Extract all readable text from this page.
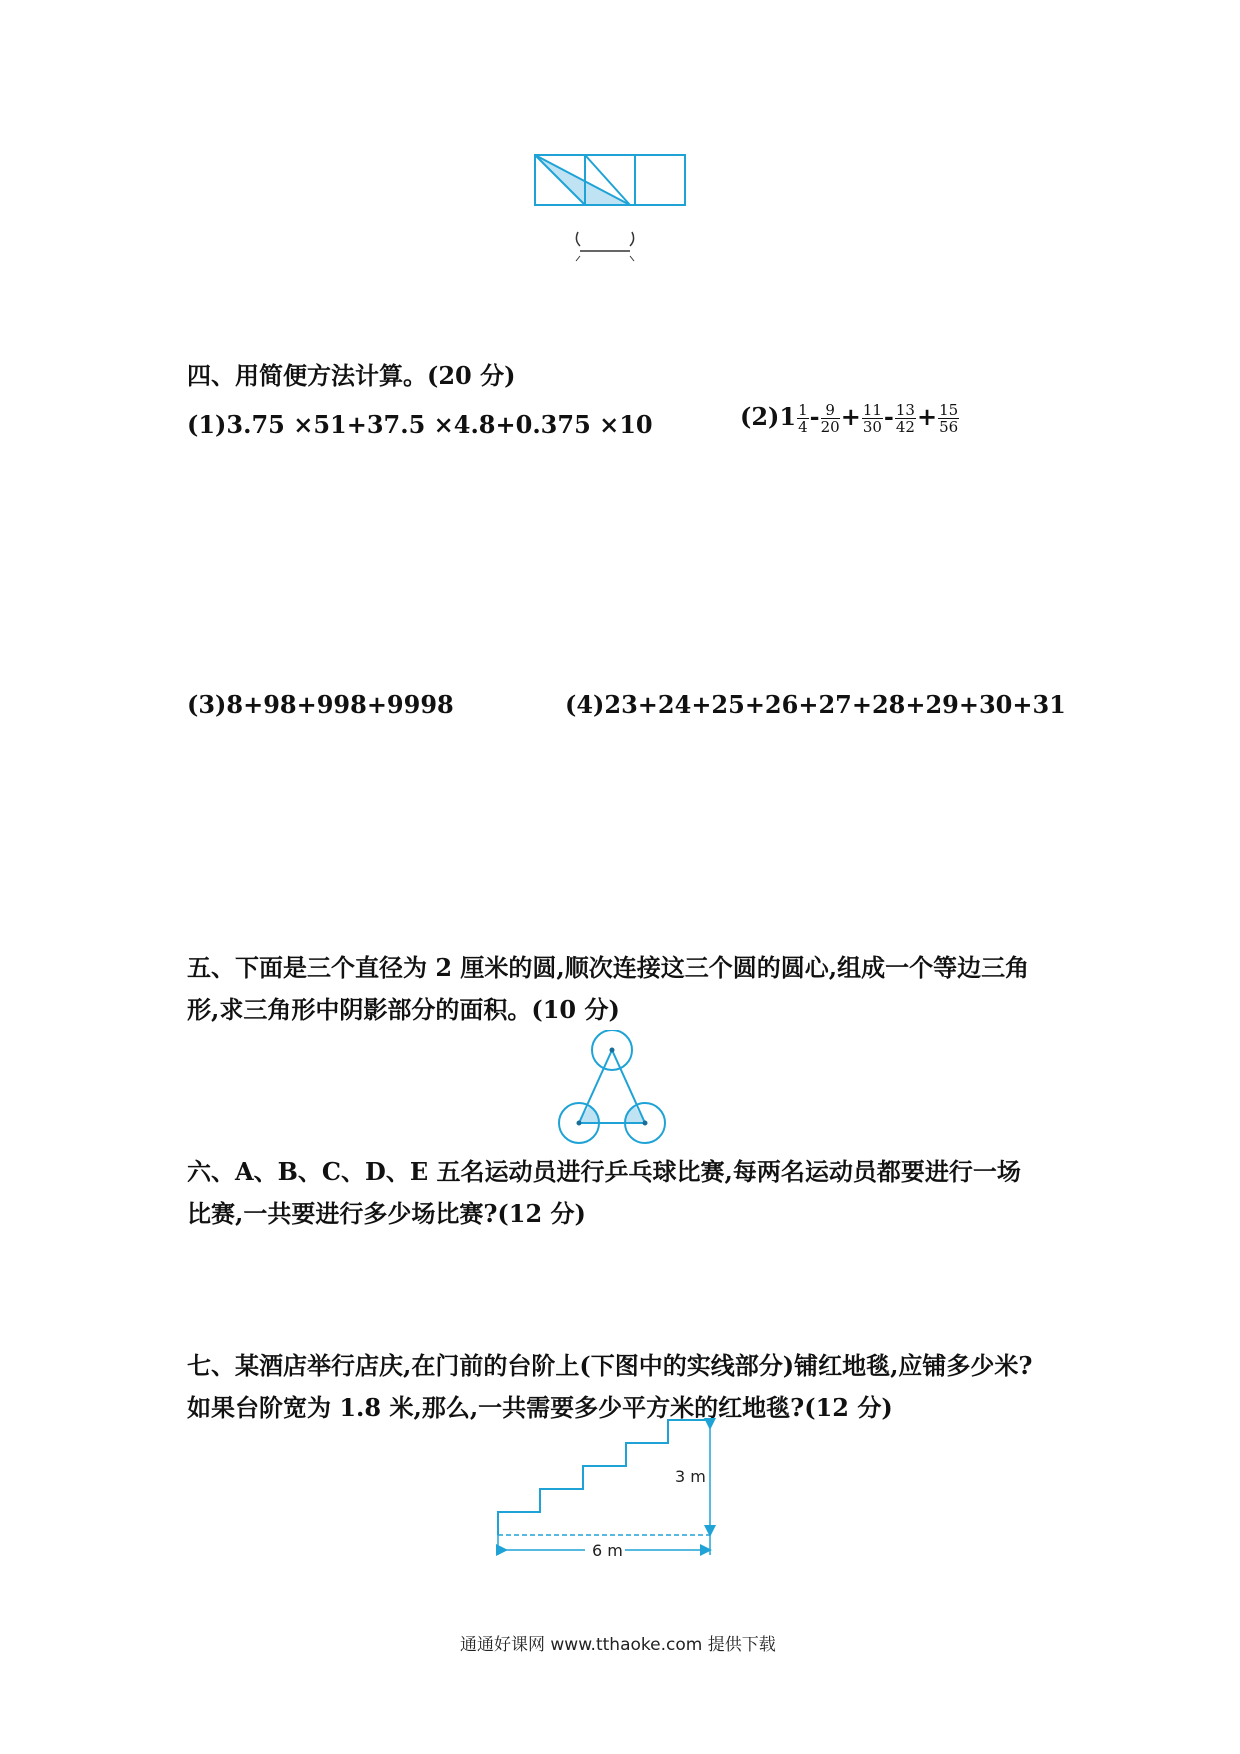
四、用简便方法计算。(20 分)
(1)3.75 ×51+37.5 ×4.8+0.375 ×10	$(2)1 \frac{1}{4} - \frac{9}{20} + \frac{11}{30} - \frac{13}{42} + \frac{15}{56}$
(3)8+98+998+9998	(4)23+24+25+26+27+28+29+30+31
五、下面是三个直径为 2 厘米的圆,顺次连接这三个圆的圆心,组成一个等边三角
形,求三角形中阴影部分的面积。(10 分)
六、A、B、C、D、E 五名运动员进行乒乓球比赛,每两名运动员都要进行一场
比赛,一共要进行多少场比赛?(12 分)
七、某酒店举行店庆,在门前的台阶上(下图中的实线部分)铺红地毯,应铺多少米?
如果台阶宽为 1.8 米,那么,一共需要多少平方米的红地毯?(12 分)
3 m
6 m
通通好课网 www.tthaoke.com 提供下载
